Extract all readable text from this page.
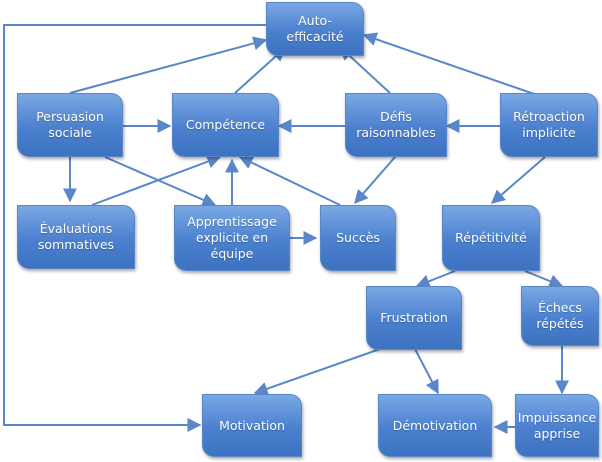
Auto-
efficacité
Persuasion
sociale
Compétence
Défis
raisonnables
Rétroaction
implicite
Évaluations
sommatives
Apprentissage
explicite en
équipe
Succès	Répétitivité
Frustration
Échecs
répétés
Motivation	Démotivation
Impuissance
apprise
